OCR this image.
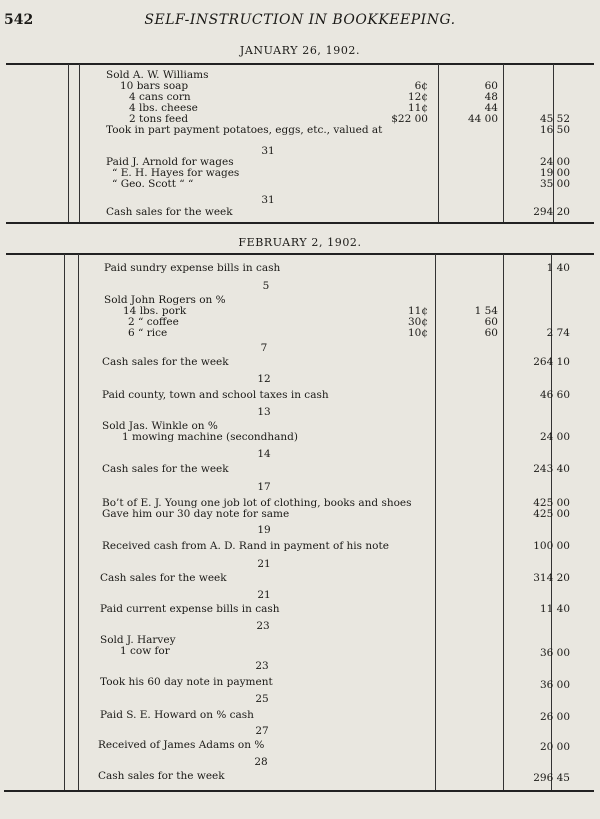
542	SELF-INSTRUCTION IN BOOKKEEPING.
JANUARY 26, 1902.
Sold A. W. Williams
10 bars soap
4 cans corn
4 lbs. cheese
2 tons feed
Took in part payment potatoes, eggs, etc., valued at
31
Paid J. Arnold for wages
“ E. H. Hayes for wages
“ Geo. Scott “ “
31
Cash sales for the week
6¢
12¢
11¢
$22 00
60
48
44
44 00	45 52
16 50
24 00
19 00
35 00
294 20
FEBRUARY 2, 1902.
Paid sundry expense bills in cash
5
Sold John Rogers on %
14 lbs. pork
2 “ coffee
6 “ rice
7
Cash sales for the week
12
Paid county, town and school taxes in cash
13
Sold Jas. Winkle on %
1 mowing machine (secondhand)
14
Cash sales for the week
17
Bo’t of E. J. Young one job lot of clothing, books and shoes
Gave him our 30 day note for same
19
Received cash from A. D. Rand in payment of his note
21
Cash sales for the week
21
Paid current expense bills in cash
23
Sold J. Harvey
1 cow for
23
Took his 60 day note in payment
25
Paid S. E. Howard on % cash
27
Received of James Adams on %
28
Cash sales for the week
11¢
30¢
10¢
1 54
60
60
1 40
2 74
264 10
46 60
24 00
243 40
425 00
425 00
100 00
314 20
11 40
36 00
36 00
26 00
20 00
296 45
